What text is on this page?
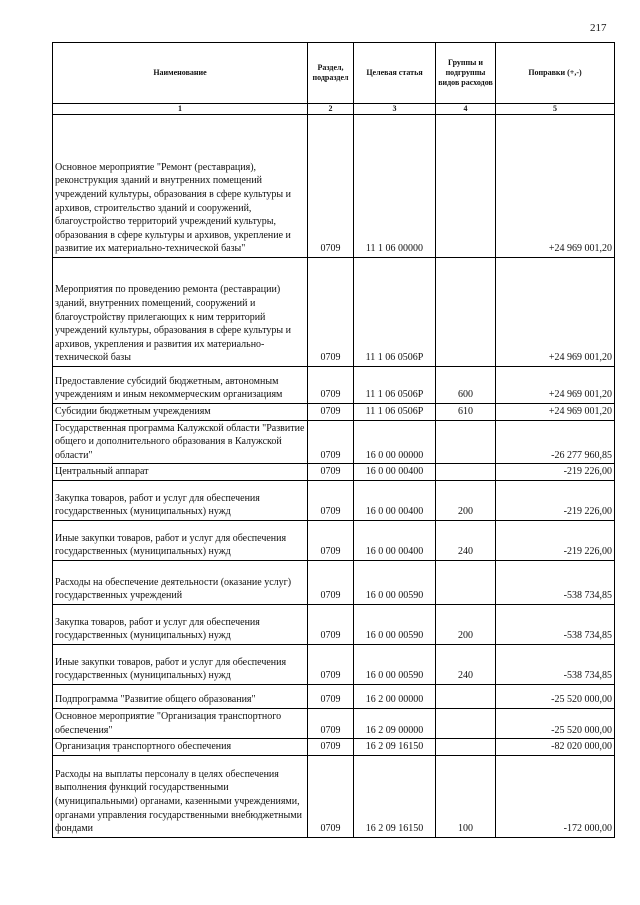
217
Наименование	Раздел, подраздел	Целевая статья	Группы и подгруппы видов расходов	Поправки (+,-)
1	2	3	4	5
Основное мероприятие "Ремонт (реставрация), реконструкция зданий и внутренних помещений учреждений культуры, образования в сфере культуры и архивов, строительство зданий и сооружений, благоустройство территорий учреждений культуры, образования в сфере культуры и архивов, укрепление и развитие их материально-технической базы"	0709	11 1 06 00000		+24 969 001,20
Мероприятия по проведению ремонта (реставрации) зданий, внутренних помещений, сооружений и благоустройству прилегающих к ним территорий учреждений культуры, образования в сфере культуры и архивов, укрепления и развития их материально-технической базы	0709	11 1 06 0506Р		+24 969 001,20
Предоставление субсидий бюджетным, автономным учреждениям и иным некоммерческим организациям	0709	11 1 06 0506Р	600	+24 969 001,20
Субсидии бюджетным учреждениям	0709	11 1 06 0506Р	610	+24 969 001,20
Государственная программа Калужской области "Развитие общего и дополнительного образования в Калужской области"	0709	16 0 00 00000		-26 277 960,85
Центральный аппарат	0709	16 0 00 00400		-219 226,00
Закупка товаров, работ и услуг для обеспечения государственных (муниципальных) нужд	0709	16 0 00 00400	200	-219 226,00
Иные закупки товаров, работ и услуг для обеспечения государственных (муниципальных) нужд	0709	16 0 00 00400	240	-219 226,00
Расходы на обеспечение деятельности (оказание услуг) государственных учреждений	0709	16 0 00 00590		-538 734,85
Закупка товаров, работ и услуг для обеспечения государственных (муниципальных) нужд	0709	16 0 00 00590	200	-538 734,85
Иные закупки товаров, работ и услуг для обеспечения государственных (муниципальных) нужд	0709	16 0 00 00590	240	-538 734,85
Подпрограмма "Развитие общего образования"	0709	16 2 00 00000		-25 520 000,00
Основное мероприятие "Организация транспортного обеспечения"	0709	16 2 09 00000		-25 520 000,00
Организация транспортного обеспечения	0709	16 2 09 16150		-82 020 000,00
Расходы на выплаты персоналу в целях обеспечения выполнения функций государственными (муниципальными) органами, казенными учреждениями, органами управления государственными внебюджетными фондами	0709	16 2 09 16150	100	-172 000,00
